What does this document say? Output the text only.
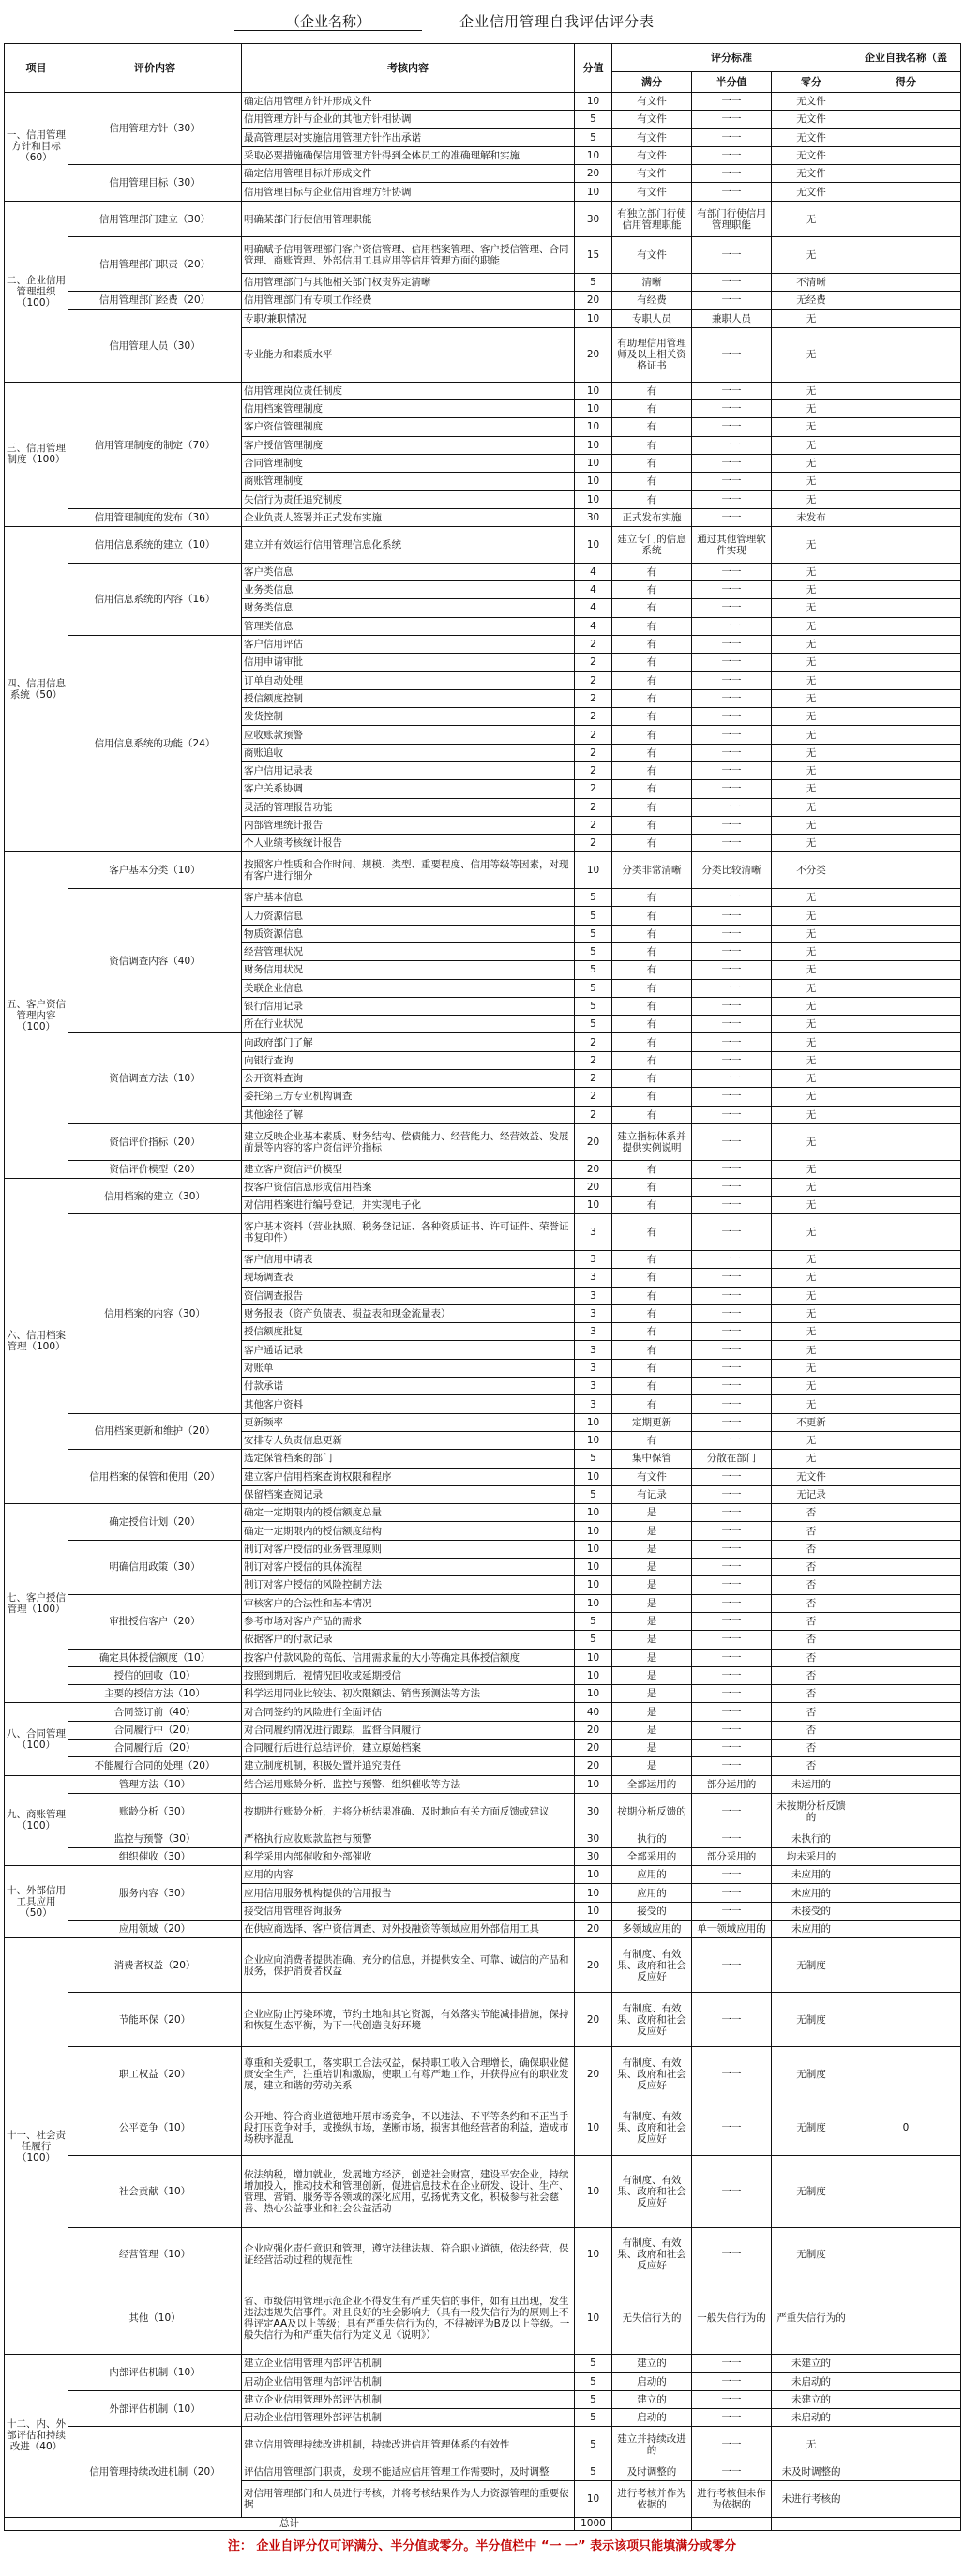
（企业名称）	企业信用管理自我评估评分表
项目	评价内容	考核内容	分值	评分标准			企业自我名称（盖
				满分	半分值	零分	得分
一、信用管理方针和目标（60）	信用管理方针（30）	确定信用管理方针并形成文件	10	有文件	一一	无文件	
		信用管理方针与企业的其他方针相协调	5	有文件	一一	无文件	
		最高管理层对实施信用管理方针作出承诺	5	有文件	一一	无文件	
		采取必要措施确保信用管理方针得到全体员工的准确理解和实施	10	有文件	一一	无文件	
	信用管理目标（30）	确定信用管理目标并形成文件	20	有文件	一一	无文件	
		信用管理目标与企业信用管理方针协调	10	有文件	一一	无文件	
二、企业信用管理组织（100）	信用管理部门建立（30）	明确某部门行使信用管理职能	30	有独立部门行使信用管理职能	有部门行使信用管理职能	无	
	信用管理部门职责（20）	明确赋予信用管理部门客户资信管理、信用档案管理、客户授信管理、合同管理、商账管理、外部信用工具应用等信用管理方面的职能	15	有文件	一一	无	
		信用管理部门与其他相关部门权责界定清晰	5	清晰	一一	不清晰	
	信用管理部门经费（20）	信用管理部门有专项工作经费	20	有经费	一一	无经费	
	信用管理人员（30）	专职/兼职情况	10	专职人员	兼职人员	无	
		专业能力和素质水平	20	有助理信用管理师及以上相关资格证书	一一	无	
三、信用管理制度（100）	信用管理制度的制定（70）	信用管理岗位责任制度	10	有	一一	无	
		信用档案管理制度	10	有	一一	无	
		客户资信管理制度	10	有	一一	无	
		客户授信管理制度	10	有	一一	无	
		合同管理制度	10	有	一一	无	
		商账管理制度	10	有	一一	无	
		失信行为责任追究制度	10	有	一一	无	
	信用管理制度的发布（30）	企业负责人签署并正式发布实施	30	正式发布实施	一一	未发布	
四、信用信息系统（50）	信用信息系统的建立（10）	建立并有效运行信用管理信息化系统	10	建立专门的信息系统	通过其他管理软件实现	无	
	信用信息系统的内容（16）	客户类信息	4	有	一一	无	
		业务类信息	4	有	一一	无	
		财务类信息	4	有	一一	无	
		管理类信息	4	有	一一	无	
	信用信息系统的功能（24）	客户信用评估	2	有	一一	无	
		信用申请审批	2	有	一一	无	
		订单自动处理	2	有	一一	无	
		授信额度控制	2	有	一一	无	
		发货控制	2	有	一一	无	
		应收账款预警	2	有	一一	无	
		商账追收	2	有	一一	无	
		客户信用记录表	2	有	一一	无	
		客户关系协调	2	有	一一	无	
		灵活的管理报告功能	2	有	一一	无	
		内部管理统计报告	2	有	一一	无	
		个人业绩考核统计报告	2	有	一一	无	
五、客户资信管理内容（100）	客户基本分类（10）	按照客户性质和合作时间、规模、类型、重要程度、信用等级等因素，对现有客户进行细分	10	分类非常清晰	分类比较清晰	不分类	
	资信调查内容（40）	客户基本信息	5	有	一一	无	
		人力资源信息	5	有	一一	无	
		物质资源信息	5	有	一一	无	
		经营管理状况	5	有	一一	无	
		财务信用状况	5	有	一一	无	
		关联企业信息	5	有	一一	无	
		银行信用记录	5	有	一一	无	
		所在行业状况	5	有	一一	无	
	资信调查方法（10）	向政府部门了解	2	有	一一	无	
		向银行查询	2	有	一一	无	
		公开资料查询	2	有	一一	无	
		委托第三方专业机构调查	2	有	一一	无	
		其他途径了解	2	有	一一	无	
	资信评价指标（20）	建立反映企业基本素质、财务结构、偿债能力、经营能力、经营效益、发展前景等内容的客户资信评价指标	20	建立指标体系并提供实例说明	一一	无	
	资信评价模型（20）	建立客户资信评价模型	20	有	一一	无	
六、信用档案管理（100）	信用档案的建立（30）	按客户资信信息形成信用档案	20	有	一一	无	
		对信用档案进行编号登记，并实现电子化	10	有	一一	无	
	信用档案的内容（30）	客户基本资料（营业执照、税务登记证、各种资质证书、许可证件、荣誉证书复印件）	3	有	一一	无	
		客户信用申请表	3	有	一一	无	
		现场调查表	3	有	一一	无	
		资信调查报告	3	有	一一	无	
		财务报表（资产负债表、损益表和现金流量表）	3	有	一一	无	
		授信额度批复	3	有	一一	无	
		客户通话记录	3	有	一一	无	
		对账单	3	有	一一	无	
		付款承诺	3	有	一一	无	
		其他客户资料	3	有	一一	无	
	信用档案更新和维护（20）	更新频率	10	定期更新	一一	不更新	
		安排专人负责信息更新	10	有	一一	无	
	信用档案的保管和使用（20）	选定保管档案的部门	5	集中保管	分散在部门	无	
		建立客户信用档案查询权限和程序	10	有文件	一一	无文件	
		保留档案查阅记录	5	有记录	一一	无记录	
七、客户授信管理（100）	确定授信计划（20）	确定一定期限内的授信额度总量	10	是	一一	否	
		确定一定期限内的授信额度结构	10	是	一一	否	
	明确信用政策（30）	制订对客户授信的业务管理原则	10	是	一一	否	
		制订对客户授信的具体流程	10	是	一一	否	
		制订对客户授信的风险控制方法	10	是	一一	否	
	审批授信客户（20）	审核客户的合法性和基本情况	10	是	一一	否	
		参考市场对客户产品的需求	5	是	一一	否	
		依据客户的付款记录	5	是	一一	否	
	确定具体授信额度（10）	按客户付款风险的高低、信用需求量的大小等确定具体授信额度	10	是	一一	否	
	授信的回收（10）	按照到期后，视情况回收或延期授信	10	是	一一	否	
	主要的授信方法（10）	科学运用同业比较法、初次限额法、销售预测法等方法	10	是	一一	否	
八、合同管理（100）	合同签订前（40）	对合同签约的风险进行全面评估	40	是	一一	否	
	合同履行中（20）	对合同履约情况进行跟踪，监督合同履行	20	是	一一	否	
	合同履行后（20）	合同履行后进行总结评价，建立原始档案	20	是	一一	否	
	不能履行合同的处理（20）	建立制度机制，积极处置并追究责任	20	是	一一	否	
九、商账管理（100）	管理方法（10）	结合运用账龄分析、监控与预警、组织催收等方法	10	全部运用的	部分运用的	未运用的	
	账龄分析（30）	按期进行账龄分析，并将分析结果准确、及时地向有关方面反馈或建议	30	按期分析反馈的	一一	未按期分析反馈的	
	监控与预警（30）	严格执行应收账款监控与预警	30	执行的	一一	未执行的	
	组织催收（30）	科学采用内部催收和外部催收	30	全部采用的	部分采用的	均未采用的	
十、外部信用工具应用（50）	服务内容（30）	应用的内容	10	应用的	一一	未应用的	
		应用信用服务机构提供的信用报告	10	应用的	一一	未应用的	
		接受信用管理咨询服务	10	接受的	一一	未接受的	
	应用领域（20）	在供应商选择、客户资信调查、对外投融资等领域应用外部信用工具	20	多领域应用的	单一领域应用的	未应用的	
十一、社会责任履行（100）	消费者权益（20）	企业应向消费者提供准确、充分的信息，并提供安全、可靠、诚信的产品和服务，保护消费者权益	20	有制度、有效果、政府和社会反应好	一一	无制度	
	节能环保（20）	企业应防止污染环境，节约土地和其它资源，有效落实节能减排措施，保持和恢复生态平衡，为下一代创造良好环境	20	有制度、有效果、政府和社会反应好	一一	无制度	
	职工权益（20）	尊重和关爱职工，落实职工合法权益，保持职工收入合理增长，确保职业健康安全生产，注重培训和激励，使职工有尊严地工作，并获得应有的职业发展，建立和谐的劳动关系	20	有制度、有效果、政府和社会反应好	一一	无制度	
	公平竞争（10）	公开地、符合商业道德地开展市场竞争，不以违法、不平等条约和不正当手段打压竞争对手，或操纵市场，垄断市场，损害其他经营者的利益，造成市场秩序混乱	10	有制度、有效果、政府和社会反应好	一一	无制度	0
	社会贡献（10）	依法纳税，增加就业，发展地方经济，创造社会财富，建设平安企业，持续增加投入，推动技术和管理创新，促进信息技术在企业研发、设计、生产、管理、营销、服务等各领域的深化应用，弘扬优秀文化，积极参与社会慈善、热心公益事业和社会公益活动	10	有制度、有效果、政府和社会反应好	一一	无制度	
	经营管理（10）	企业应强化责任意识和管理，遵守法律法规、符合职业道德，依法经营，保证经营活动过程的规范性	10	有制度、有效果、政府和社会反应好	一一	无制度	
	其他（10）	省、市级信用管理示范企业不得发生有严重失信的事件，如有且出现，发生违法违规失信事件。对且良好的社会影响力（具有一般失信行为的原则上不得评定AA及以上等级；具有严重失信行为的，不得被评为B及以上等级。一般失信行为和严重失信行为定义见《说明》）	10	无失信行为的	一般失信行为的	严重失信行为的	
十二、内、外部评估和持续改进（40）	内部评估机制（10）	建立企业信用管理内部评估机制	5	建立的	一一	未建立的	
		启动企业信用管理内部评估机制	5	启动的	一一	未启动的	
	外部评估机制（10）	建立企业信用管理外部评估机制	5	建立的	一一	未建立的	
		启动企业信用管理外部评估机制	5	启动的	一一	未启动的	
	信用管理持续改进机制（20）	建立信用管理持续改进机制，持续改进信用管理体系的有效性	5	建立并持续改进的	一一	无	
		评估信用管理部门职责，发现不能适应信用管理工作需要时，及时调整	5	及时调整的	一一	未及时调整的	
		对信用管理部门和人员进行考核，并将考核结果作为人力资源管理的重要依据	10	进行考核并作为依据的	进行考核但未作为依据的	未进行考核的	
总计			1000				
注： 企业自评分仅可评满分、半分值或零分。半分值栏中 “一 一” 表示该项只能填满分或零分
